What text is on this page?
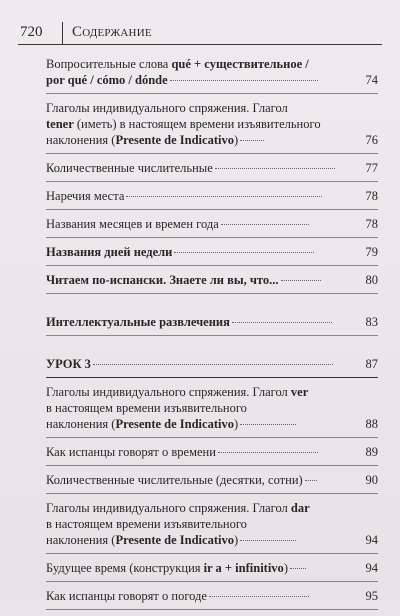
720 Содержание
Вопросительные слова qué + существительное /
por qué / cómo / dónde	74
Глаголы индивидуального спряжения. Глагол
tener (иметь) в настоящем времени изъявительного
наклонения (Presente de Indicativo)	76
Количественные числительные	77
Наречия места	78
Названия месяцев и времен года	78
Названия дней недели	79
Читаем по-испански. Знаете ли вы, что...	80
Интеллектуальные развлечения	83
УРОК 3	87
Глаголы индивидуального спряжения. Глагол ver
в настоящем времени изъявительного
наклонения (Presente de Indicativo)	88
Как испанцы говорят о времени	89
Количественные числительные (десятки, сотни)	90
Глаголы индивидуального спряжения. Глагол dar
в настоящем времени изъявительного
наклонения (Presente de Indicativo)	94
Будущее время (конструкция ir a + infinitivo)	94
Как испанцы говорят о погоде	95
